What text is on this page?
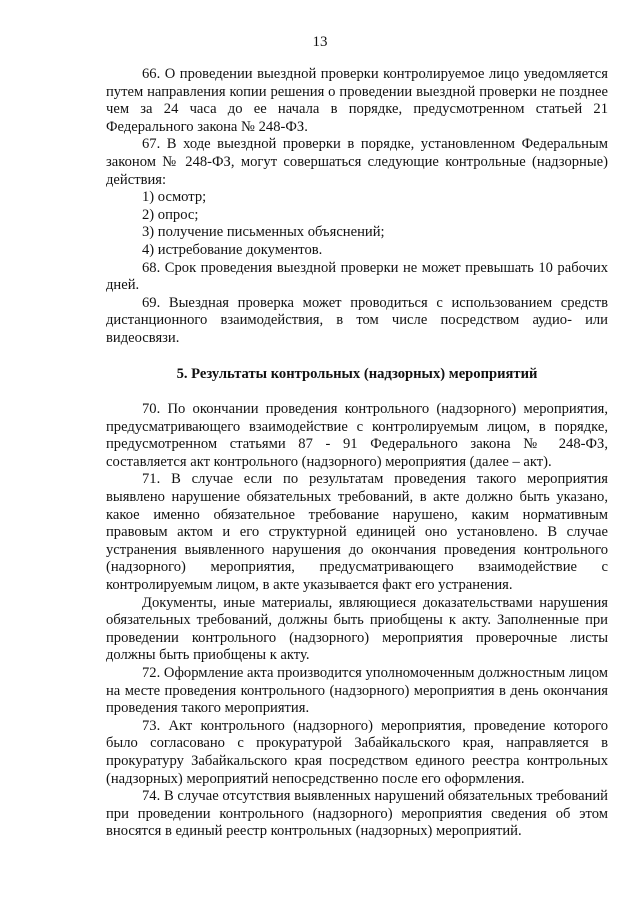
13

66. О проведении выездной проверки контролируемое лицо уведомляется путем направления копии решения о проведении выездной проверки не позднее чем за 24 часа до ее начала в порядке, предусмотренном статьей 21 Федерального закона № 248-ФЗ.

67. В ходе выездной проверки в порядке, установленном Федеральным законом № 248-ФЗ, могут совершаться следующие контрольные (надзорные) действия:

1) осмотр;

2) опрос;

3) получение письменных объяснений;

4) истребование документов.

68. Срок проведения выездной проверки не может превышать 10 рабочих дней.

69. Выездная проверка может проводиться с использованием средств дистанционного взаимодействия, в том числе посредством аудио- или видеосвязи.

5. Результаты контрольных (надзорных) мероприятий

70. По окончании проведения контрольного (надзорного) мероприятия, предусматривающего взаимодействие с контролируемым лицом, в порядке, предусмотренном статьями 87 - 91 Федерального закона № 248-ФЗ, составляется акт контрольного (надзорного) мероприятия (далее – акт).

71. В случае если по результатам проведения такого мероприятия выявлено нарушение обязательных требований, в акте должно быть указано, какое именно обязательное требование нарушено, каким нормативным правовым актом и его структурной единицей оно установлено. В случае устранения выявленного нарушения до окончания проведения контрольного (надзорного) мероприятия, предусматривающего взаимодействие с контролируемым лицом, в акте указывается факт его устранения.

Документы, иные материалы, являющиеся доказательствами нарушения обязательных требований, должны быть приобщены к акту. Заполненные при проведении контрольного (надзорного) мероприятия проверочные листы должны быть приобщены к акту.

72. Оформление акта производится уполномоченным должностным лицом на месте проведения контрольного (надзорного) мероприятия в день окончания проведения такого мероприятия.

73. Акт контрольного (надзорного) мероприятия, проведение которого было согласовано с прокуратурой Забайкальского края, направляется в прокуратуру Забайкальского края посредством единого реестра контрольных (надзорных) мероприятий непосредственно после его оформления.

74. В случае отсутствия выявленных нарушений обязательных требований при проведении контрольного (надзорного) мероприятия сведения об этом вносятся в единый реестр контрольных (надзорных) мероприятий.
